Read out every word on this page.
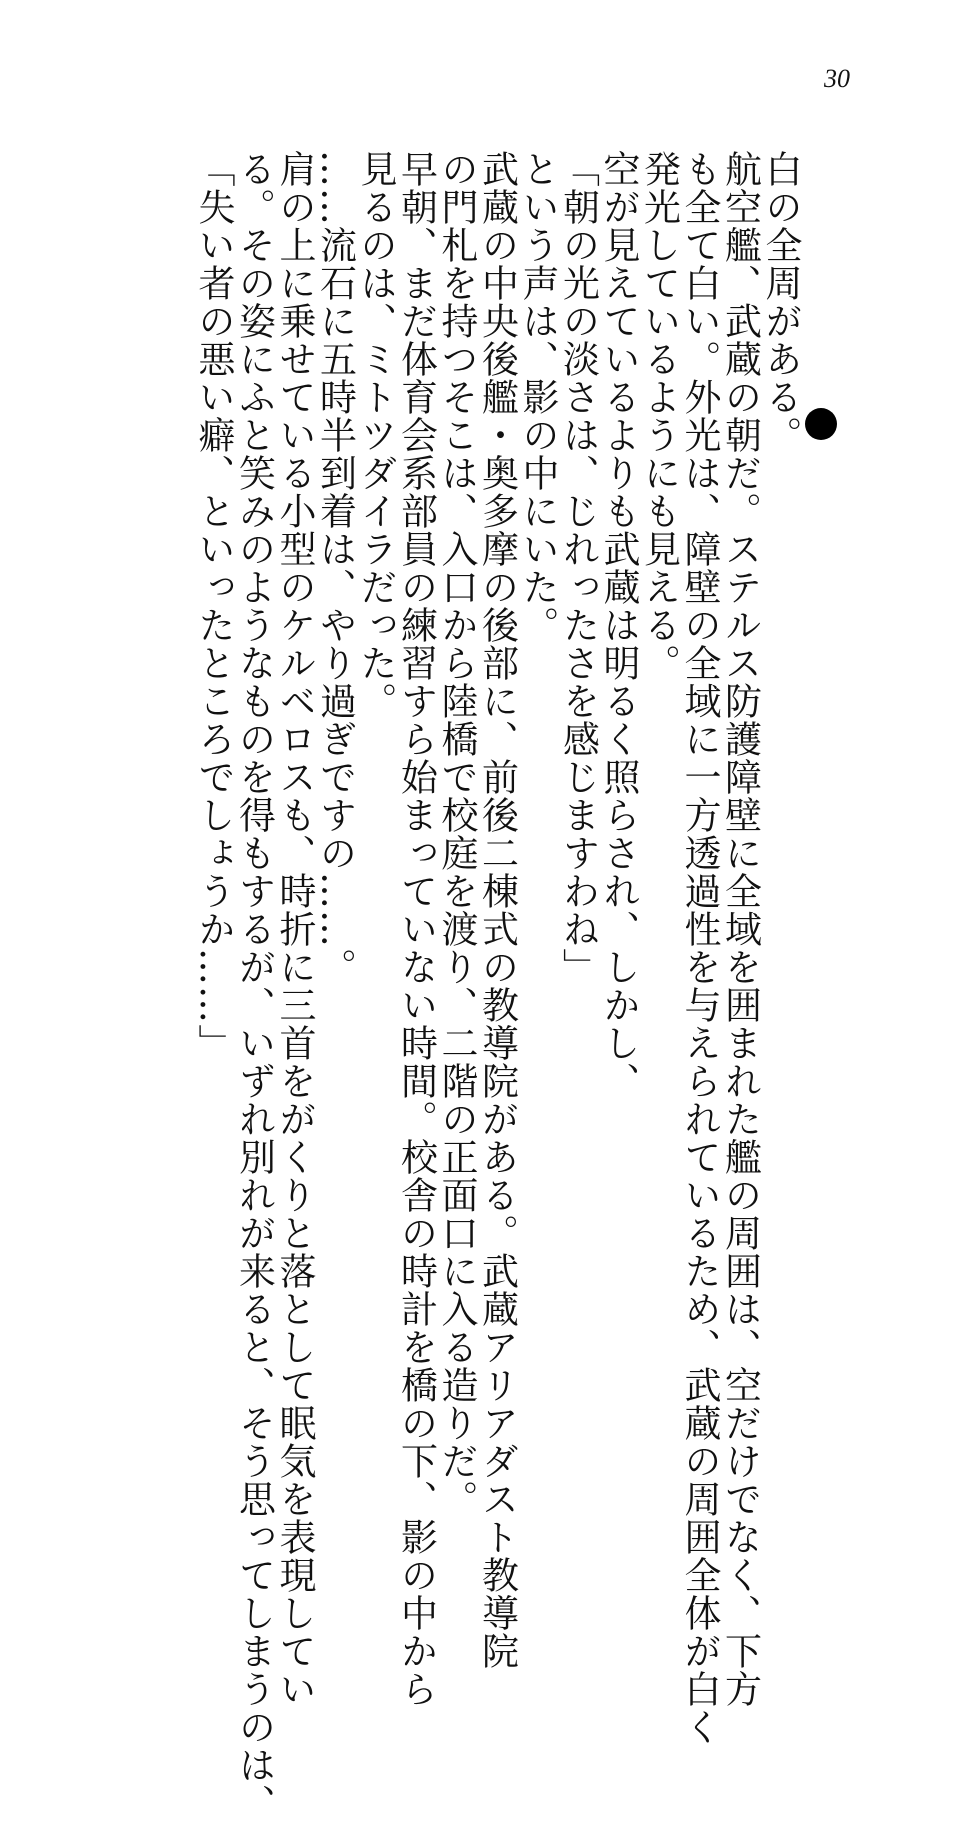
30
白の全周がある。
航空艦、武蔵の朝だ。ステルス防護障壁に全域を囲まれた艦の周囲は、空だけでなく、下方
も全て白い。外光は、障壁の全域に一方透過性を与えられているため、武蔵の周囲全体が白く
発光しているようにも見える。
空が見えているよりも武蔵は明るく照らされ、しかし、
「朝の光の淡さは、じれったさを感じますわね」
という声は、影の中にいた。
武蔵の中央後艦・奥多摩の後部に、前後二棟式の教導院がある。武蔵アリアダスト教導院
の門札を持つそこは、入口から陸橋で校庭を渡り、二階の正面口に入る造りだ。
早朝、まだ体育会系部員の練習すら始まっていない時間。校舎の時計を橋の下、影の中から
見るのは、ミトツダイラだった。
……流石に五時半到着は、やり過ぎですの……。
肩の上に乗せている小型のケルベロスも、時折に三首をがくりと落として眠気を表現してい
る。その姿にふと笑みのようなものを得もするが、いずれ別れが来ると、そう思ってしまうのは、
「失い者の悪い癖、といったところでしょうか……」
